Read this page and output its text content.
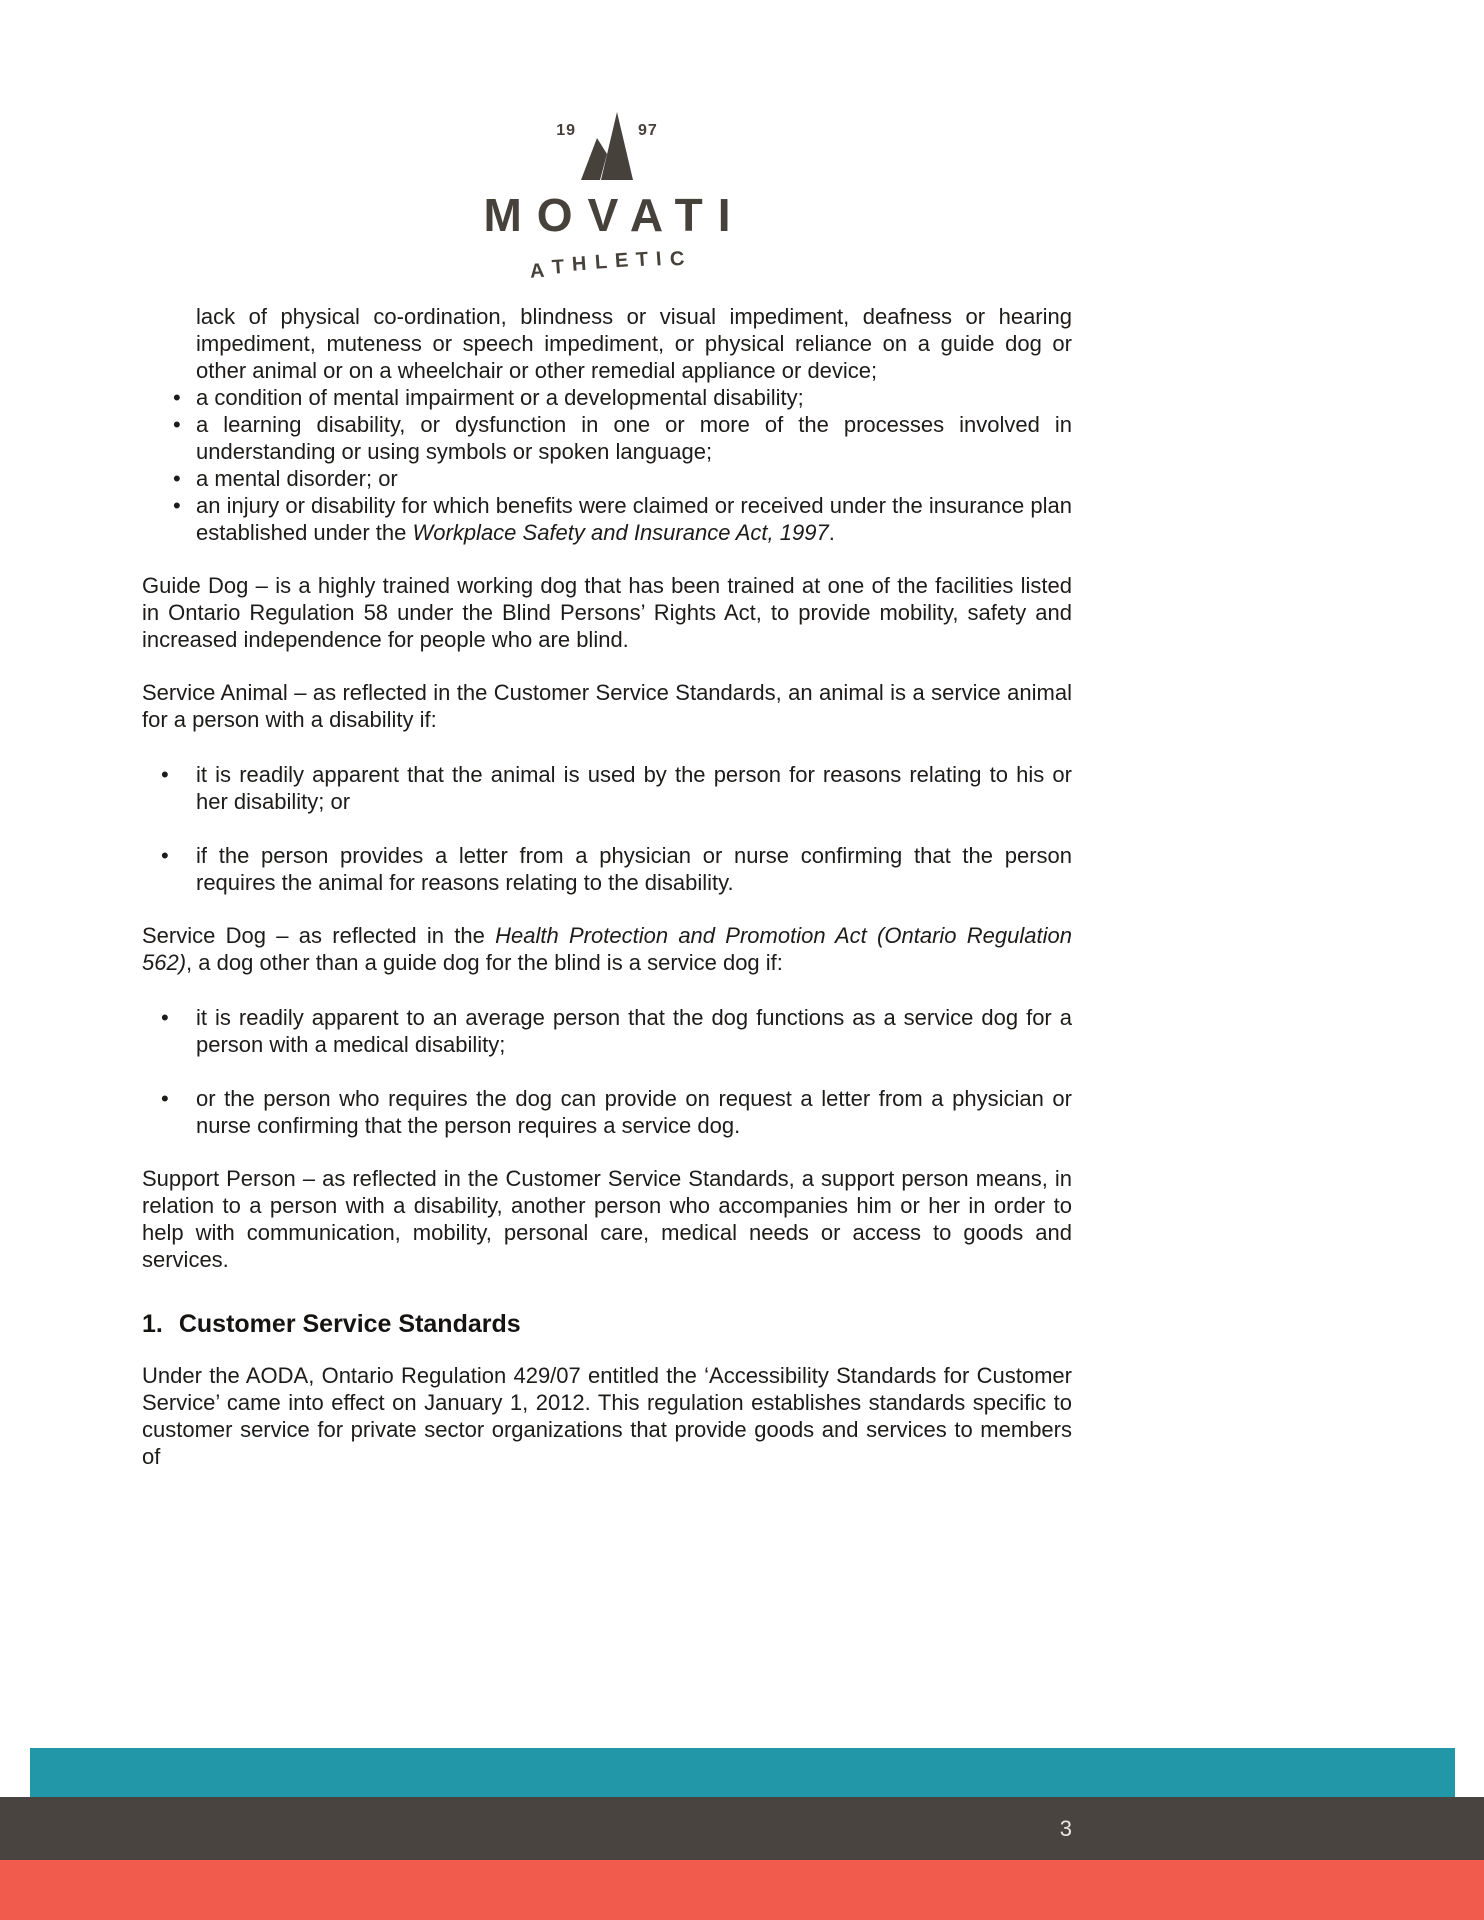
19	97
MOVATI
ATHLETIC
lack of physical co-ordination, blindness or visual impediment, deafness or hearing impediment, muteness or speech impediment, or physical reliance on a guide dog or other animal or on a wheelchair or other remedial appliance or device;
• a condition of mental impairment or a developmental disability;
• a learning disability, or dysfunction in one or more of the processes involved in understanding or using symbols or spoken language;
• a mental disorder; or
• an injury or disability for which benefits were claimed or received under the insurance plan established under the Workplace Safety and Insurance Act, 1997.

Guide Dog – is a highly trained working dog that has been trained at one of the facilities listed in Ontario Regulation 58 under the Blind Persons’ Rights Act, to provide mobility, safety and increased independence for people who are blind.

Service Animal – as reflected in the Customer Service Standards, an animal is a service animal for a person with a disability if:

• it is readily apparent that the animal is used by the person for reasons relating to his or her disability; or
• if the person provides a letter from a physician or nurse confirming that the person requires the animal for reasons relating to the disability.

Service Dog – as reflected in the Health Protection and Promotion Act (Ontario Regulation 562), a dog other than a guide dog for the blind is a service dog if:

• it is readily apparent to an average person that the dog functions as a service dog for a person with a medical disability;
• or the person who requires the dog can provide on request a letter from a physician or nurse confirming that the person requires a service dog.

Support Person – as reflected in the Customer Service Standards, a support person means, in relation to a person with a disability, another person who accompanies him or her in order to help with communication, mobility, personal care, medical needs or access to goods and services.

1. Customer Service Standards

Under the AODA, Ontario Regulation 429/07 entitled the ‘Accessibility Standards for Customer Service’ came into effect on January 1, 2012. This regulation establishes standards specific to customer service for private sector organizations that provide goods and services to members of

3
